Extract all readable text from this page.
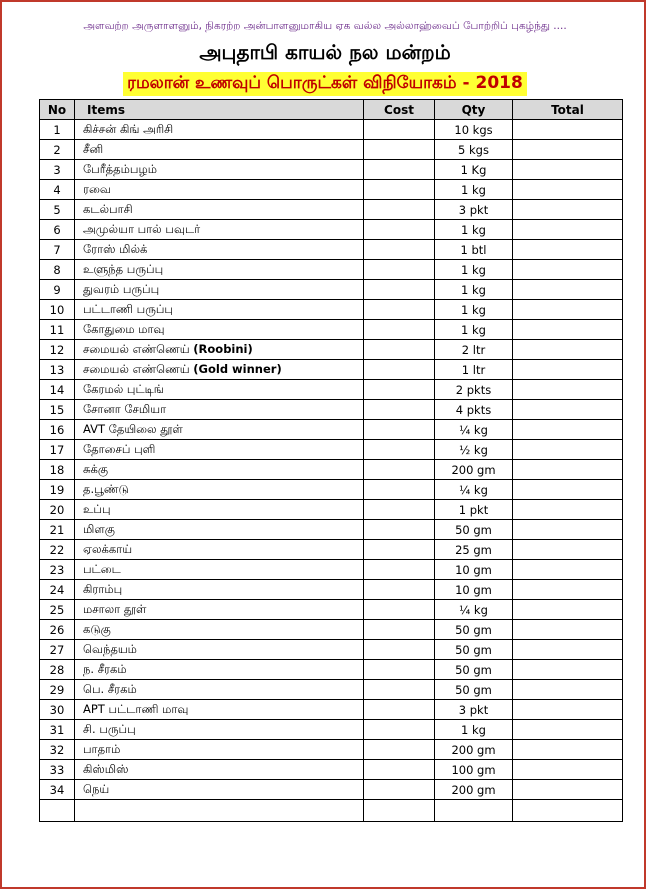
அளவற்ற அருளாளனும், நிகரற்ற அன்பாளனுமாகிய ஏக வல்ல அல்லாஹ்வைப் போற்றிப் புகழ்ந்து ....
அபுதாபி காயல் நல மன்றம்
ரமலான் உணவுப் பொருட்கள் விநியோகம் - 2018
No	Items	Cost	Qty	Total
1	கிச்சன் கிங் அரிசி		10 kgs	
2	சீனி		5 kgs	
3	பேரீத்தம்பழம்		1 Kg	
4	ரவை		1 kg	
5	கடல்பாசி		3 pkt	
6	அமுல்யா பால் பவுடர்		1 kg	
7	ரோஸ் மில்க்		1 btl	
8	உளுந்த பருப்பு		1 kg	
9	துவரம் பருப்பு		1 kg	
10	பட்டாணி பருப்பு		1 kg	
11	கோதுமை மாவு		1 kg	
12	சமையல் எண்ணெய் (Roobini)		2 ltr	
13	சமையல் எண்ணெய் (Gold winner)		1 ltr	
14	கேரமல் புட்டிங்		2 pkts	
15	சோனா சேமியா		4 pkts	
16	AVT தேயிலை தூள்		¼ kg	
17	தோசைப் புளி		½ kg	
18	சுக்கு		200 gm	
19	த.பூண்டு		¼ kg	
20	உப்பு		1 pkt	
21	மிளகு		50 gm	
22	ஏலக்காய்		25 gm	
23	பட்டை		10 gm	
24	கிராம்பு		10 gm	
25	மசாலா தூள்		¼ kg	
26	கடுகு		50 gm	
27	வெந்தயம்		50 gm	
28	ந. சீரகம்		50 gm	
29	பெ. சீரகம்		50 gm	
30	APT பட்டாணி மாவு		3 pkt	
31	சி. பருப்பு		1 kg	
32	பாதாம்		200 gm	
33	கிஸ்மிஸ்		100 gm	
34	நெய்		200 gm	
